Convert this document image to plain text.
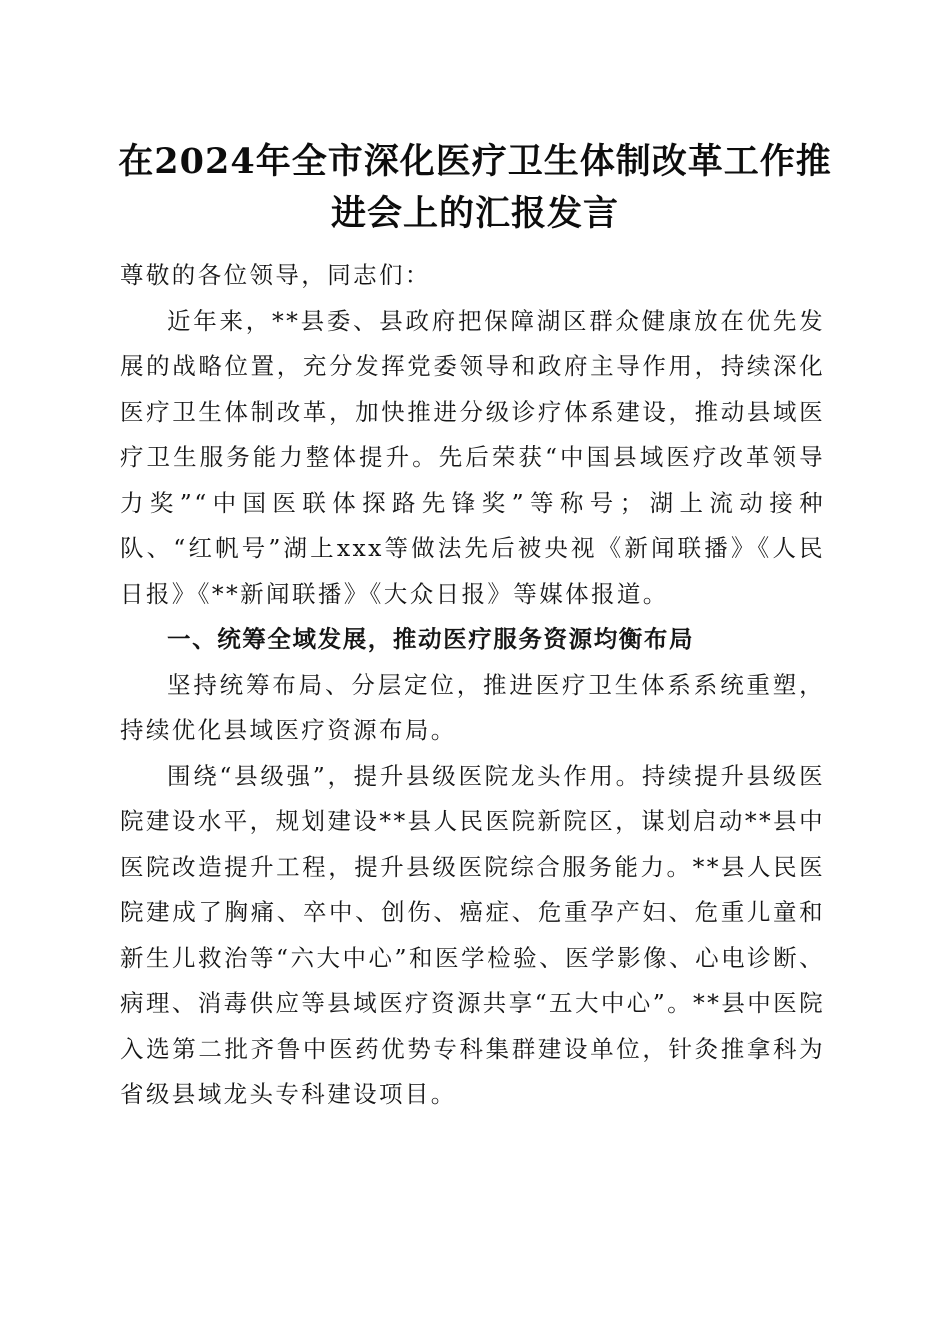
在2024年全市深化医疗卫生体制改革工作推
进会上的汇报发言

尊敬的各位领导，同志们：

近年来，**县委、县政府把保障湖区群众健康放在优先发展的战略位置，充分发挥党委领导和政府主导作用，持续深化医疗卫生体制改革，加快推进分级诊疗体系建设，推动县域医疗卫生服务能力整体提升。先后荣获“中国县域医疗改革领导力奖”“中国医联体探路先锋奖”等称号；湖上流动接种队、“红帆号”湖上xxx等做法先后被央视《新闻联播》《人民日报》《**新闻联播》《大众日报》等媒体报道。

一、统筹全域发展，推动医疗服务资源均衡布局

坚持统筹布局、分层定位，推进医疗卫生体系系统重塑，持续优化县域医疗资源布局。

围绕“县级强”，提升县级医院龙头作用。持续提升县级医院建设水平，规划建设**县人民医院新院区，谋划启动**县中医院改造提升工程，提升县级医院综合服务能力。**县人民医院建成了胸痛、卒中、创伤、癌症、危重孕产妇、危重儿童和新生儿救治等“六大中心”和医学检验、医学影像、心电诊断、病理、消毒供应等县域医疗资源共享“五大中心”。**县中医院入选第二批齐鲁中医药优势专科集群建设单位，针灸推拿科为省级县域龙头专科建设项目。
